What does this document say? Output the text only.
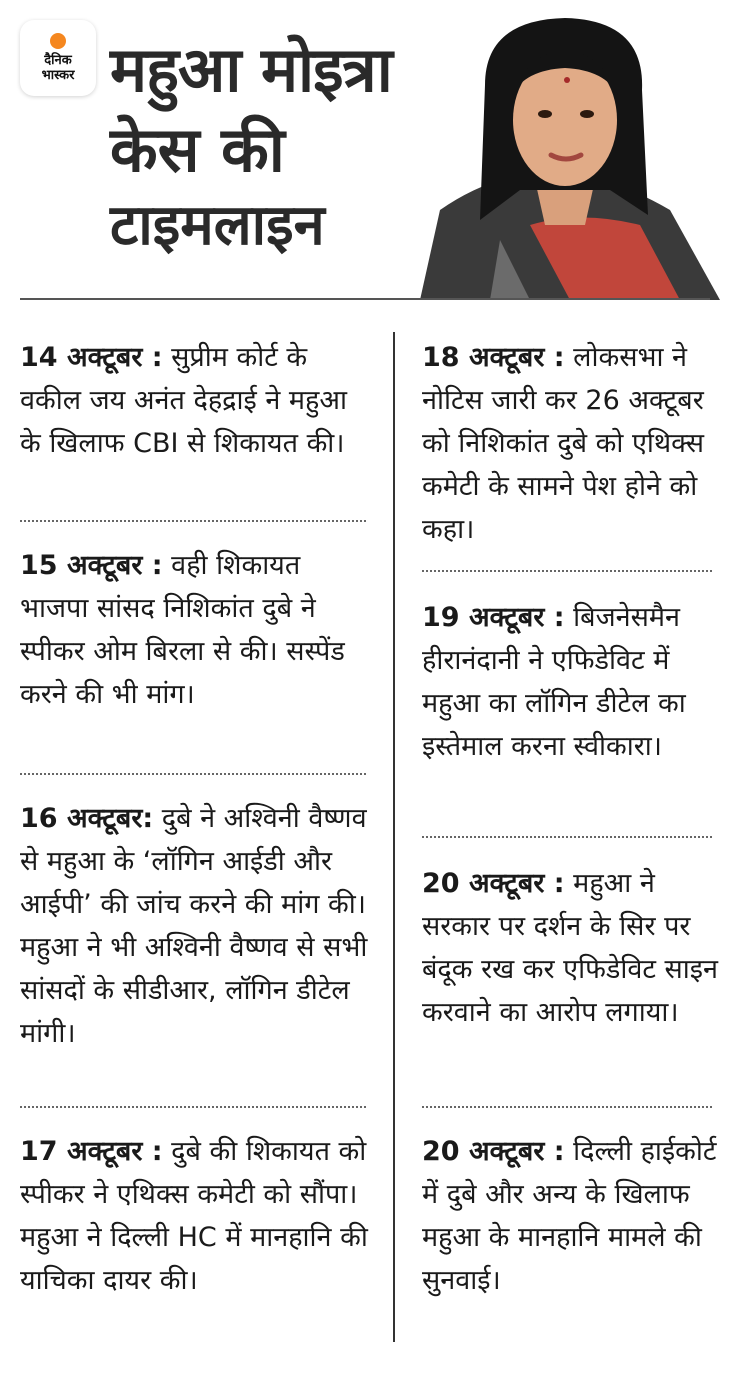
दैनिक
भास्कर महुआ मोइत्रा
केस की
टाइमलाइन
14 अक्टूबर : सुप्रीम कोर्ट के वकील जय अनंत देहद्राई ने महुआ के खिलाफ CBI से शिकायत की।
15 अक्टूबर : वही शिकायत भाजपा सांसद निशिकांत दुबे ने स्पीकर ओम बिरला से की। सस्पेंड करने की भी मांग।
16 अक्टूबर: दुबे ने अश्विनी वैष्णव से महुआ के ‘लॉगिन आईडी और आईपी’ की जांच करने की मांग की। महुआ ने भी अश्विनी वैष्णव से सभी सांसदों के सीडीआर, लॉगिन डीटेल मांगी।
17 अक्टूबर : दुबे की शिकायत को स्पीकर ने एथिक्स कमेटी को सौंपा। महुआ ने दिल्ली HC में मानहानि की याचिका दायर की।
18 अक्टूबर : लोकसभा ने नोटिस जारी कर 26 अक्टूबर को निशिकांत दुबे को एथिक्स कमेटी के सामने पेश होने को कहा।
19 अक्टूबर : बिजनेसमैन हीरानंदानी ने एफिडेविट में महुआ का लॉगिन डीटेल का इस्तेमाल करना स्वीकारा।
20 अक्टूबर : महुआ ने सरकार पर दर्शन के सिर पर बंदूक रख कर एफिडेविट साइन करवाने का आरोप लगाया।
20 अक्टूबर : दिल्ली हाईकोर्ट में दुबे और अन्य के खिलाफ महुआ के मानहानि मामले की सुनवाई।
